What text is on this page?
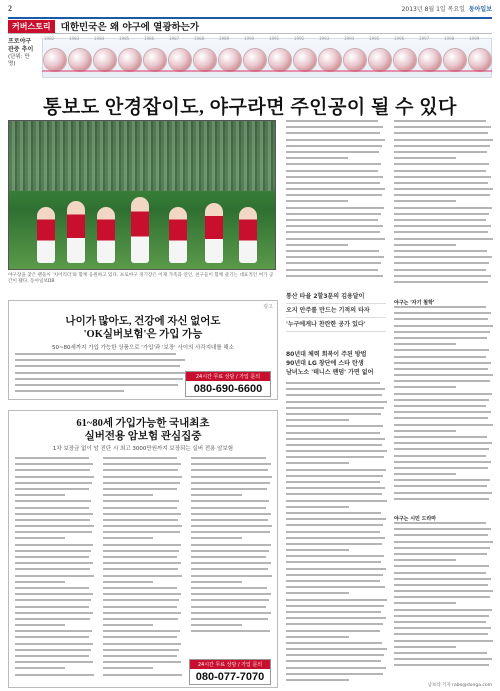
2	2013년 8월 1일 목요일 동아일보
커버스토리	대한민국은 왜 야구에 열광하는가
프로야구
관중 추이
(단위: 만 명)
1982	1983	1984	1985	1986	1987	1988	1989	1990	1991	1992	1993	1994	1995	1996	1997	1998	1999
통보도 안경잡이도, 야구라면 주인공이 될 수 있다
야구장을 찾은 팬들이 '치어리더'와 함께 응원하고 있다. 프로야구 경기장은 이제 가족과 연인, 친구들이 함께 즐기는 대표적인 여가 공간이 됐다. 동아일보DB
통산 타율 2할3푼의 김용달이
오지 안주를 만드는 기적의 타자
'누구에게나 찬란한 공가 있다'
80년대 체력 회복이 주된 방법
90년대 LG 창단에 스타 탄생
남녀노소 '테니스 팬덤' 가면 없어
야구는 '자기 철학'
야구는 시민 드라마
광고
나이가 많아도, 건강에 자신 없어도
'OK실버보험'은 가입 가능
50~80세까지 가입 가능한 상품으로 '가입'과 '보장' 사이의 사각지대를 해소
24시간 무료 상담 / 가입 문의
080-690-6600
61~80세 가입가능한 국내최초
실버전용 암보험 관심집중
1차 보장금 없이 암 진단 시 최고 3000만원까지 보장되는 실버 전용 암보험
24시간 무료 상담 / 가입 문의
080-077-7070
남보라 기자 rabo@donga.com
